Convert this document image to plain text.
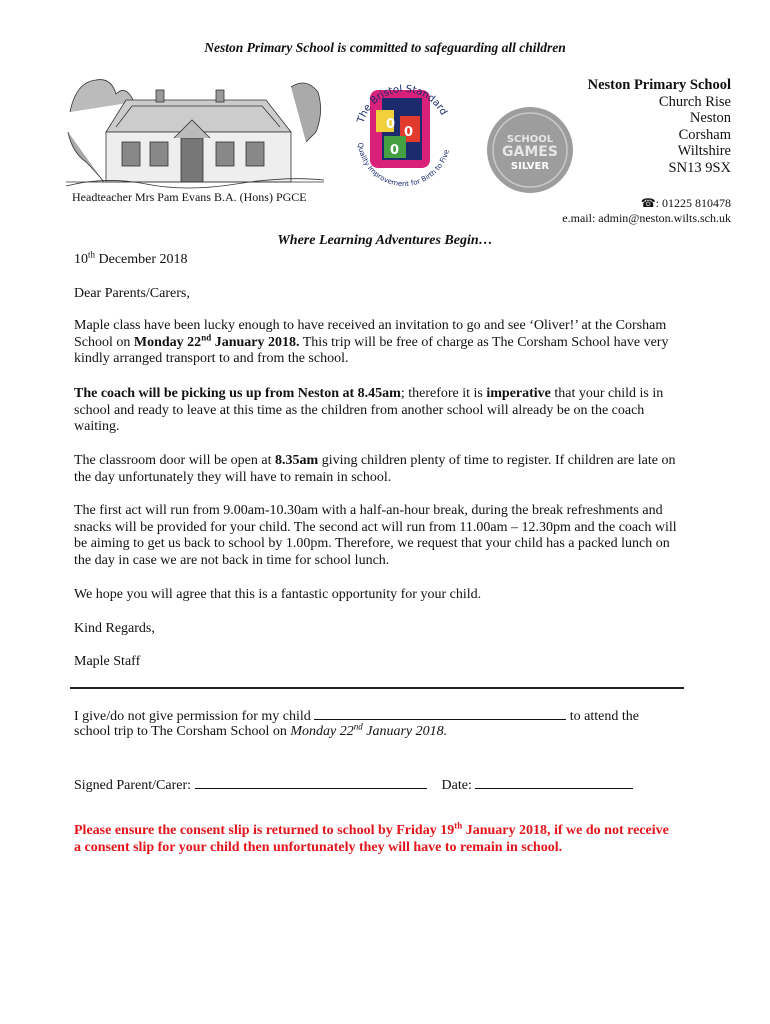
Neston Primary School is committed to safeguarding all children
0
0
0
The Bristol Standard
Quality Improvement for Birth to Five
SCHOOL
GAMES
SILVER
Neston Primary School
Church Rise
Neston
Corsham
Wiltshire
SN13 9SX
Headteacher Mrs Pam Evans B.A. (Hons) PGCE	☎: 01225 810478
e.mail: admin@neston.wilts.sch.uk
Where Learning Adventures Begin…
10th December 2018
Dear Parents/Carers,

Maple class have been lucky enough to have received an invitation to go and see ‘Oliver!’ at the Corsham School on Monday 22nd January 2018. This trip will be free of charge as The Corsham School have very kindly arranged transport to and from the school.

The coach will be picking us up from Neston at 8.45am; therefore it is imperative that your child is in school and ready to leave at this time as the children from another school will already be on the coach waiting.

The classroom door will be open at 8.35am giving children plenty of time to register. If children are late on the day unfortunately they will have to remain in school.

The first act will run from 9.00am-10.30am with a half-an-hour break, during the break refreshments and snacks will be provided for your child. The second act will run from 11.00am – 12.30pm and the coach will be aiming to get us back to school by 1.00pm. Therefore, we request that your child has a packed lunch on the day in case we are not back in time for school lunch.

We hope you will agree that this is a fantastic opportunity for your child.

Kind Regards,
Maple Staff
I give/do not give permission for my child	to attend the
school trip to The Corsham School on Monday 22nd January 2018.
Signed Parent/Carer:	Date:

Please ensure the consent slip is returned to school by Friday 19th January 2018, if we do not receive a consent slip for your child then unfortunately they will have to remain in school.
